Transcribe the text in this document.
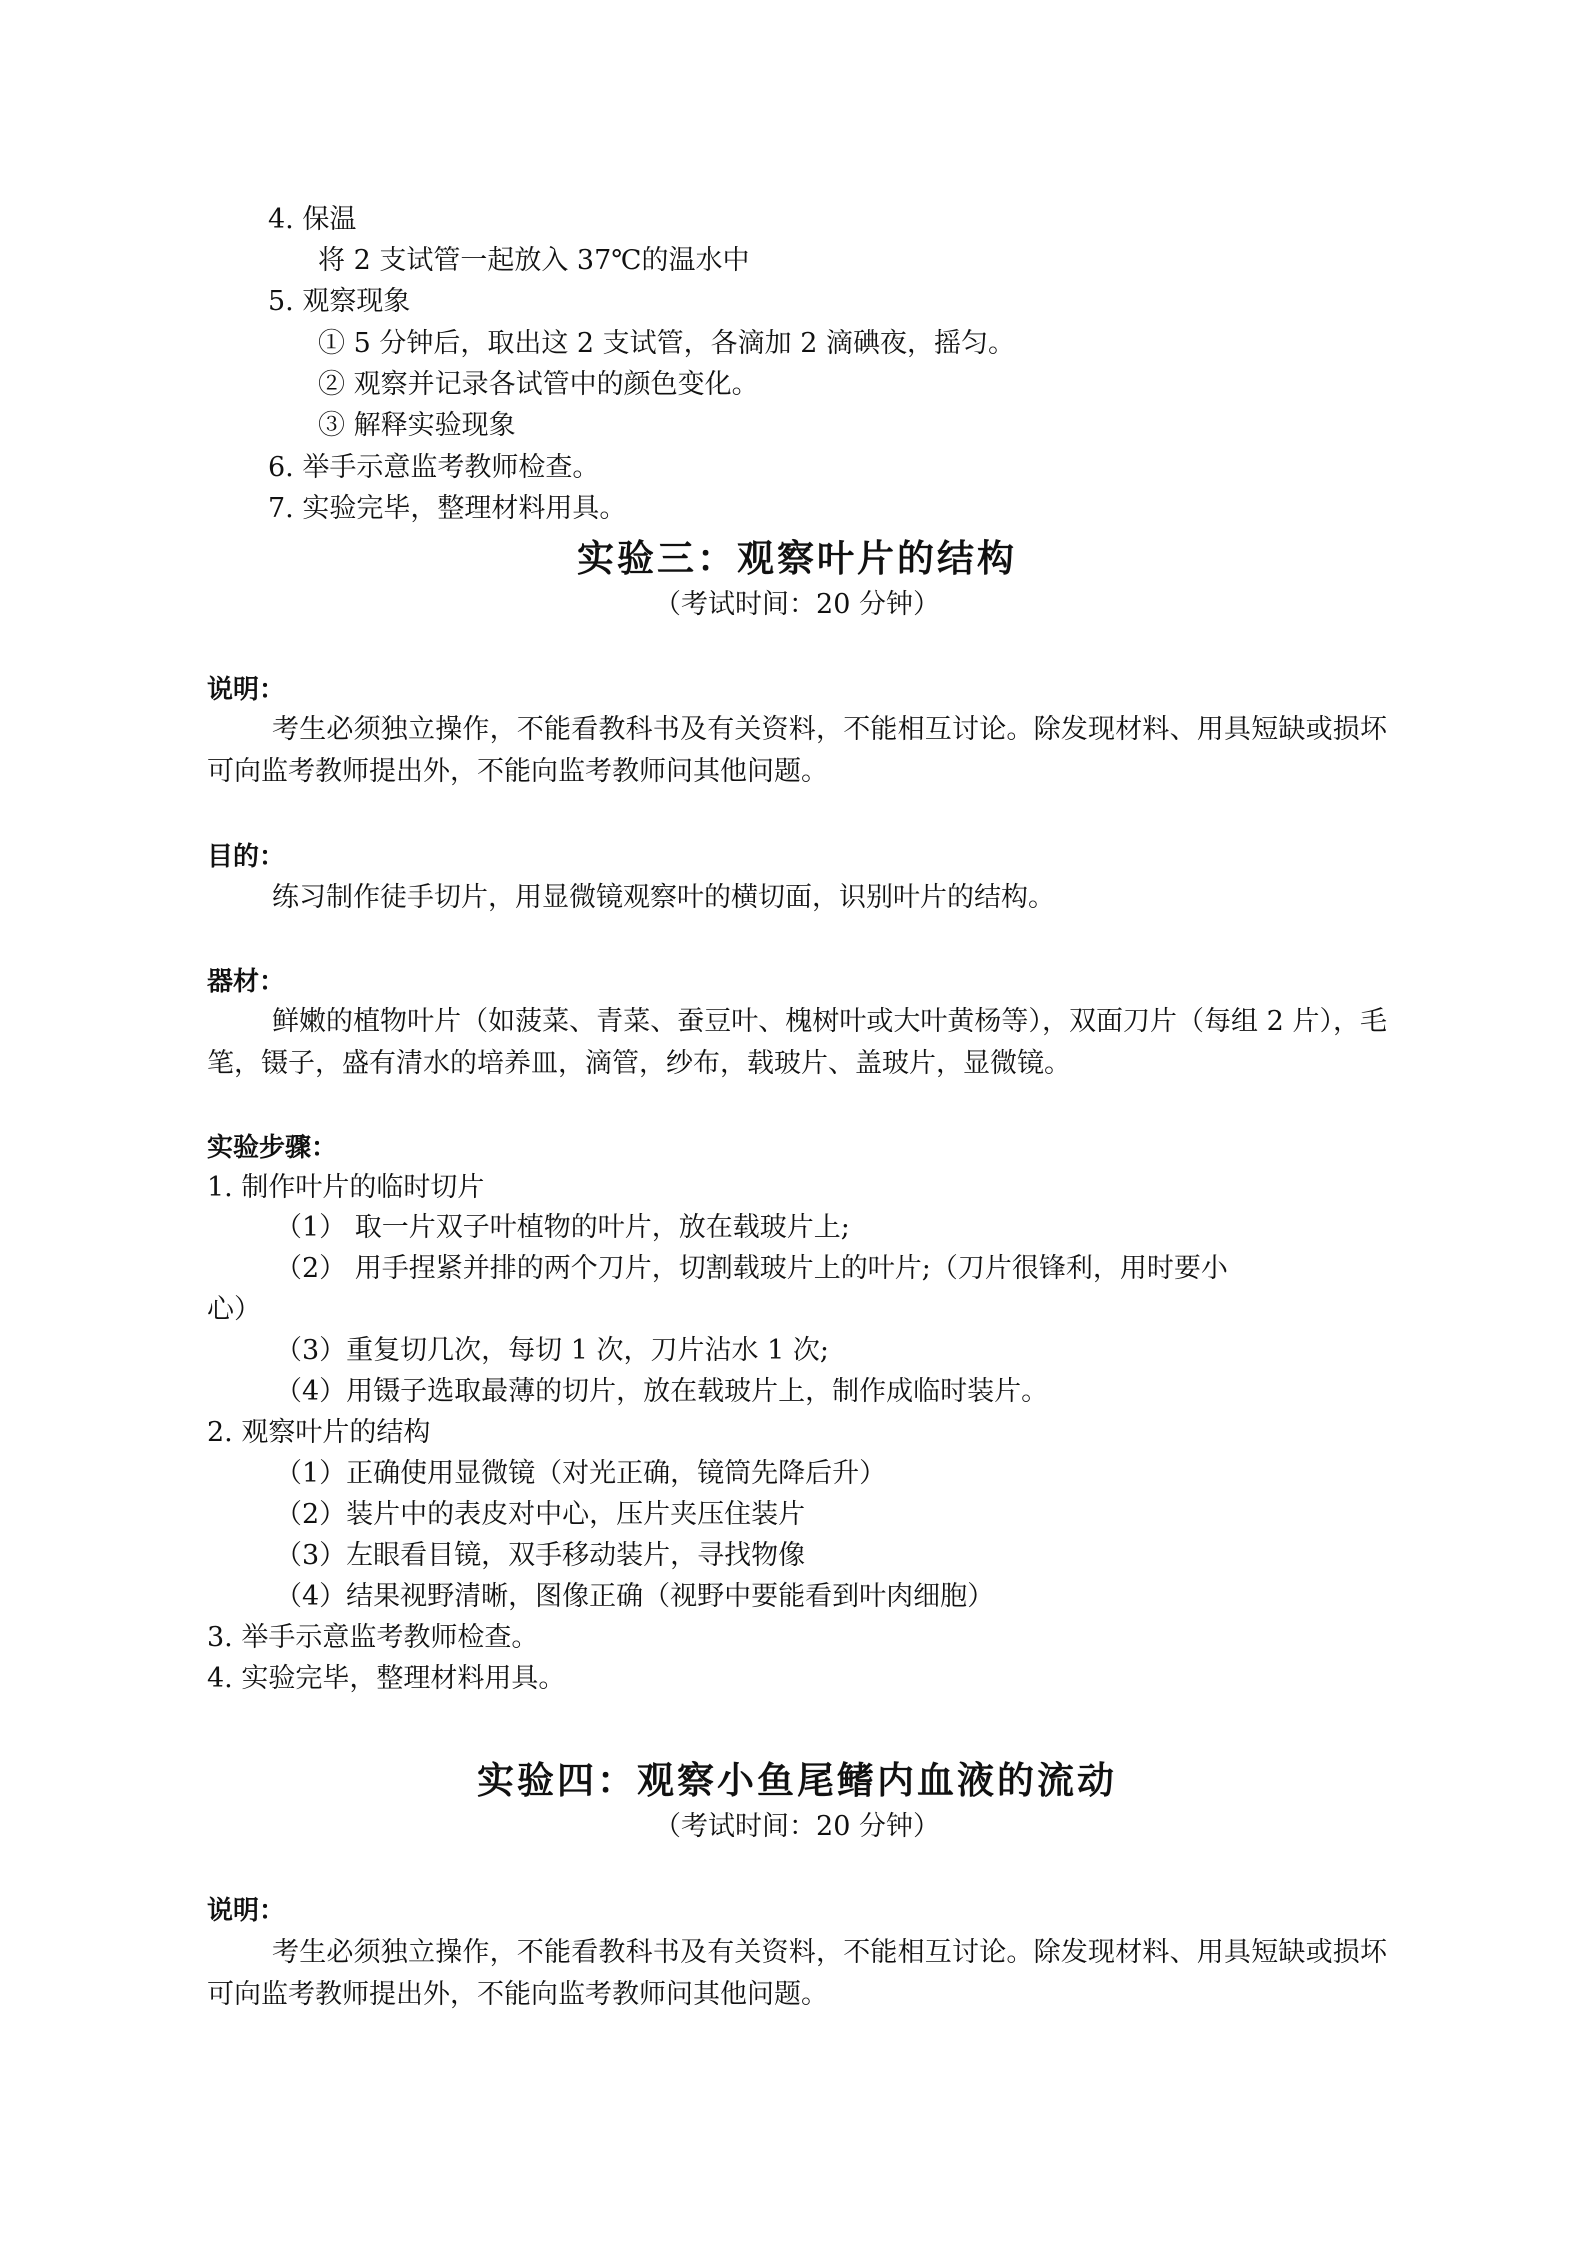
4. 保温

将 2 支试管一起放入 37℃的温水中

5. 观察现象

① 5 分钟后，取出这 2 支试管，各滴加 2 滴碘夜，摇匀。

② 观察并记录各试管中的颜色变化。

③ 解释实验现象

6. 举手示意监考教师检查。

7. 实验完毕，整理材料用具。

实验三：观察叶片的结构

（考试时间：20 分钟）

说明：

考生必须独立操作，不能看教科书及有关资料，不能相互讨论。除发现材料、用具短缺或损坏可向监考教师提出外，不能向监考教师问其他问题。

目的：

练习制作徒手切片，用显微镜观察叶的横切面，识别叶片的结构。

器材：

鲜嫩的植物叶片（如菠菜、青菜、蚕豆叶、槐树叶或大叶黄杨等），双面刀片（每组 2 片），毛笔，镊子，盛有清水的培养皿，滴管，纱布，载玻片、盖玻片，显微镜。

实验步骤：

1. 制作叶片的临时切片

（1） 取一片双子叶植物的叶片，放在载玻片上;

（2） 用手捏紧并排的两个刀片，切割载玻片上的叶片;（刀片很锋利，用时要小

心）

（3）重复切几次，每切 1 次，刀片沾水 1 次;

（4）用镊子选取最薄的切片，放在载玻片上，制作成临时装片。

2. 观察叶片的结构

（1）正确使用显微镜（对光正确，镜筒先降后升）

（2）装片中的表皮对中心，压片夹压住装片

（3）左眼看目镜，双手移动装片，寻找物像

（4）结果视野清晰，图像正确（视野中要能看到叶肉细胞）

3. 举手示意监考教师检查。

4. 实验完毕，整理材料用具。

实验四：观察小鱼尾鳍内血液的流动

（考试时间：20 分钟）

说明：

考生必须独立操作，不能看教科书及有关资料，不能相互讨论。除发现材料、用具短缺或损坏可向监考教师提出外，不能向监考教师问其他问题。
